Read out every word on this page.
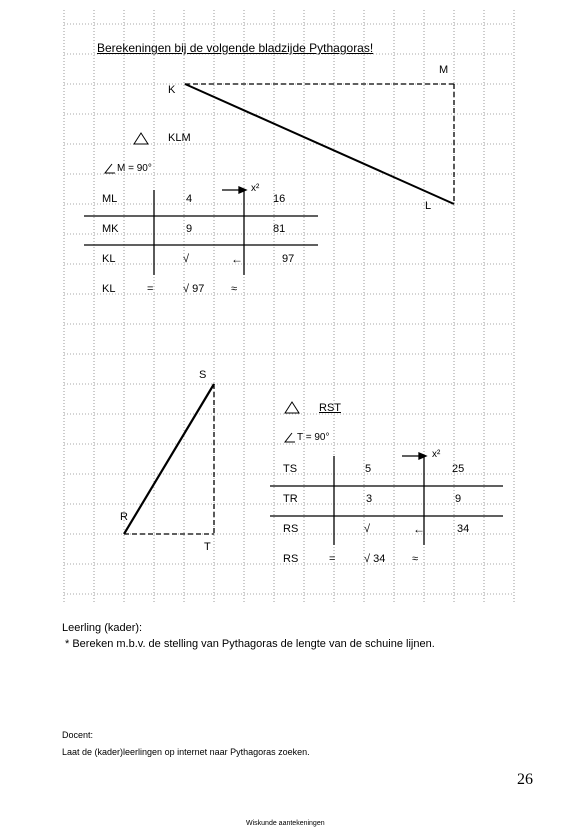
Berekeningen bij de volgende bladzijde Pythagoras!
K
M
L
KLM
M = 90°
x²
ML	4	16
MK	9	81
KL	√	←	97
KL	=	√ 97 ≈
S
R
T
RST
T = 90°
x²
TS	5	25
TR	3	9
RS	√	←	34
RS	=	√ 34 ≈
Leerling (kader):
* Bereken m.b.v. de stelling van Pythagoras de lengte van de schuine lijnen.
Docent:
Laat de (kader)leerlingen op internet naar Pythagoras zoeken.
26
Wiskunde aantekeningen
